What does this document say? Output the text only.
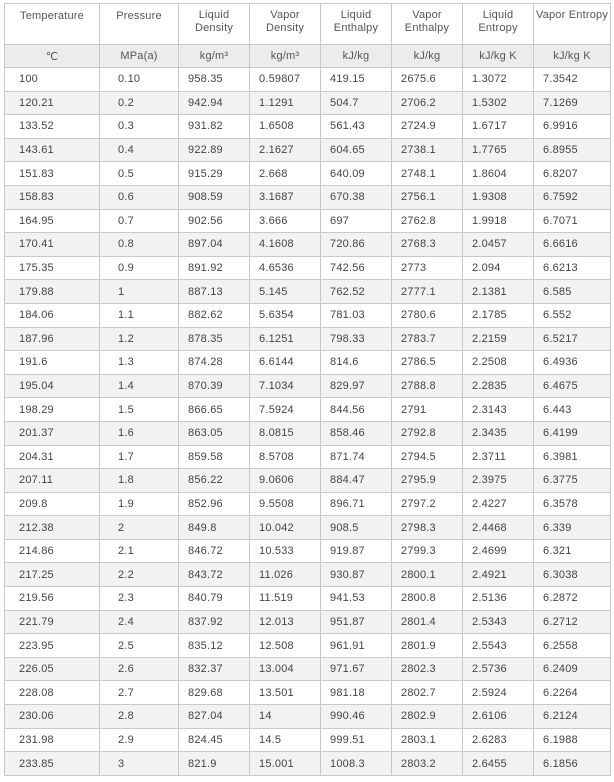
Temperature	Pressure	Liquid Density	Vapor Density	Liquid Enthalpy	Vapor Enthalpy	Liquid Entropy	Vapor Entropy
℃	MPa(a)	kg/m³	kg/m³	kJ/kg	kJ/kg	kJ/kg K	kJ/kg K
100	0.10	958.35	0.59807	419.15	2675.6	1.3072	7.3542
120.21	0.2	942.94	1.1291	504.7	2706.2	1.5302	7.1269
133.52	0.3	931.82	1.6508	561.43	2724.9	1.6717	6.9916
143.61	0.4	922.89	2.1627	604.65	2738.1	1.7765	6.8955
151.83	0.5	915.29	2.668	640.09	2748.1	1.8604	6.8207
158.83	0.6	908.59	3.1687	670.38	2756.1	1.9308	6.7592
164.95	0.7	902.56	3.666	697	2762.8	1.9918	6.7071
170.41	0.8	897.04	4.1608	720.86	2768.3	2.0457	6.6616
175.35	0.9	891.92	4.6536	742.56	2773	2.094	6.6213
179.88	1	887.13	5.145	762.52	2777.1	2.1381	6.585
184.06	1.1	882.62	5.6354	781.03	2780.6	2.1785	6.552
187.96	1.2	878.35	6.1251	798.33	2783.7	2.2159	6.5217
191.6	1.3	874.28	6.6144	814.6	2786.5	2.2508	6.4936
195.04	1.4	870.39	7.1034	829.97	2788.8	2.2835	6.4675
198.29	1.5	866.65	7.5924	844.56	2791	2.3143	6.443
201.37	1.6	863.05	8.0815	858.46	2792.8	2.3435	6.4199
204.31	1.7	859.58	8.5708	871.74	2794.5	2.3711	6.3981
207.11	1.8	856.22	9.0606	884.47	2795.9	2.3975	6.3775
209.8	1.9	852.96	9.5508	896.71	2797.2	2.4227	6.3578
212.38	2	849.8	10.042	908.5	2798.3	2.4468	6.339
214.86	2.1	846.72	10.533	919.87	2799.3	2.4699	6.321
217.25	2.2	843.72	11.026	930.87	2800.1	2.4921	6.3038
219.56	2.3	840.79	11.519	941.53	2800.8	2.5136	6.2872
221.79	2.4	837.92	12.013	951.87	2801.4	2.5343	6.2712
223.95	2.5	835.12	12.508	961.91	2801.9	2.5543	6.2558
226.05	2.6	832.37	13.004	971.67	2802.3	2.5736	6.2409
228.08	2.7	829.68	13.501	981.18	2802.7	2.5924	6.2264
230.06	2.8	827.04	14	990.46	2802.9	2.6106	6.2124
231.98	2.9	824.45	14.5	999.51	2803.1	2.6283	6.1988
233.85	3	821.9	15.001	1008.3	2803.2	2.6455	6.1856
